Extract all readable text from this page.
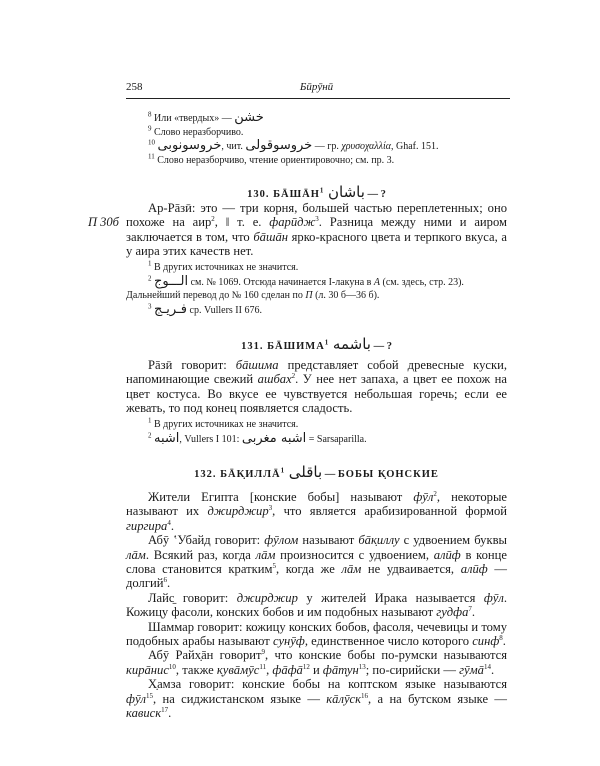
258	Бӣрӯнӣ
$^8$ Или «твердых» — خشن
$^9$ Слово неразборчиво.
$^{10}$ خروسونوبى, чит. خروسوقولى — гр. χρυσοχαλλία, Ghaf. 151.
$^{11}$ Слово неразборчиво, чтение ориентировочно; см. пр. 3.
130. БĀШĀН$^1$ باشان — ?
П 30б

Ар-Рāзӣ: это — три корня, большей частью переплетенных; оно похоже на аир$^2$, ‖ т. е. фарӣдж$^3$. Разница между ними и аиром заключается в том, что бāшāн ярко-красного цвета и терпкого вкуса, а у аира этих качеств нет.

$^1$ В других источниках не значится.
$^2$ الـــوج см. № 1069. Отсюда начинается I-лакуна в A (см. здесь, стр. 23).
Дальнейший перевод до № 160 сделан по П (л. 30 б—36 б).
$^3$ فـريـج ср. Vullers II 676.
131. БĀШИМА$^1$ باشمه — ?

Рāзӣ говорит: бāшима представляет собой древесные куски, напоминающие свежий ашбах$^2$. У нее нет запаха, а цвет ее похож на цвет костуса. Во вкусе ее чувствуется небольшая горечь; если ее жевать, то под конец появляется сладость.

$^1$ В других источниках не значится.
$^2$ اشبه, Vullers I 101: اشبه مغربى = Sarsaparilla.
132. БĀК̣ИЛЛĀ$^1$ باقلى — БОБЫ К̣ОНСКИЕ

Жители Египта [конские бобы] называют фӯл$^2$, некоторые называют их джирджир$^3$, что является арабизированной формой гиргира$^4$.

Абӯ ʽУбайд говорит: фӯлом называют бāк̣иллу с удвоением буквы лāм. Всякий раз, когда лāм произносится с удвоением, алӣф в конце слова становится кратким$^5$, когда же лāм не удваивается, алӣф — долгий$^6$.

Лайс̱ говорит: джирджир у жителей Ирака называется фӯл. Кожицу фасоли, конских бобов и им подобных называют г̣удфа$^7$.

Шаммар говорит: кожицу конских бобов, фасоля, чечевицы и тому подобных арабы называют сунӯф, единственное число которого синф$^8$.

Абӯ Райх̣āн говорит$^9$, что конские бобы по-румски называются кирāнис$^{10}$, также к̣увāмӯс$^{11}$, фāфā$^{12}$ и $фāт̣ун^{13}$; по-сирийски — гӯмā$^{14}$.

Х̣амза говорит: конские бобы на коптском языке называются фӯл$^{15}$, на сиджистанском языке — кāлӯск$^{16}$, а на бутском языке — кависк$^{17}$.
